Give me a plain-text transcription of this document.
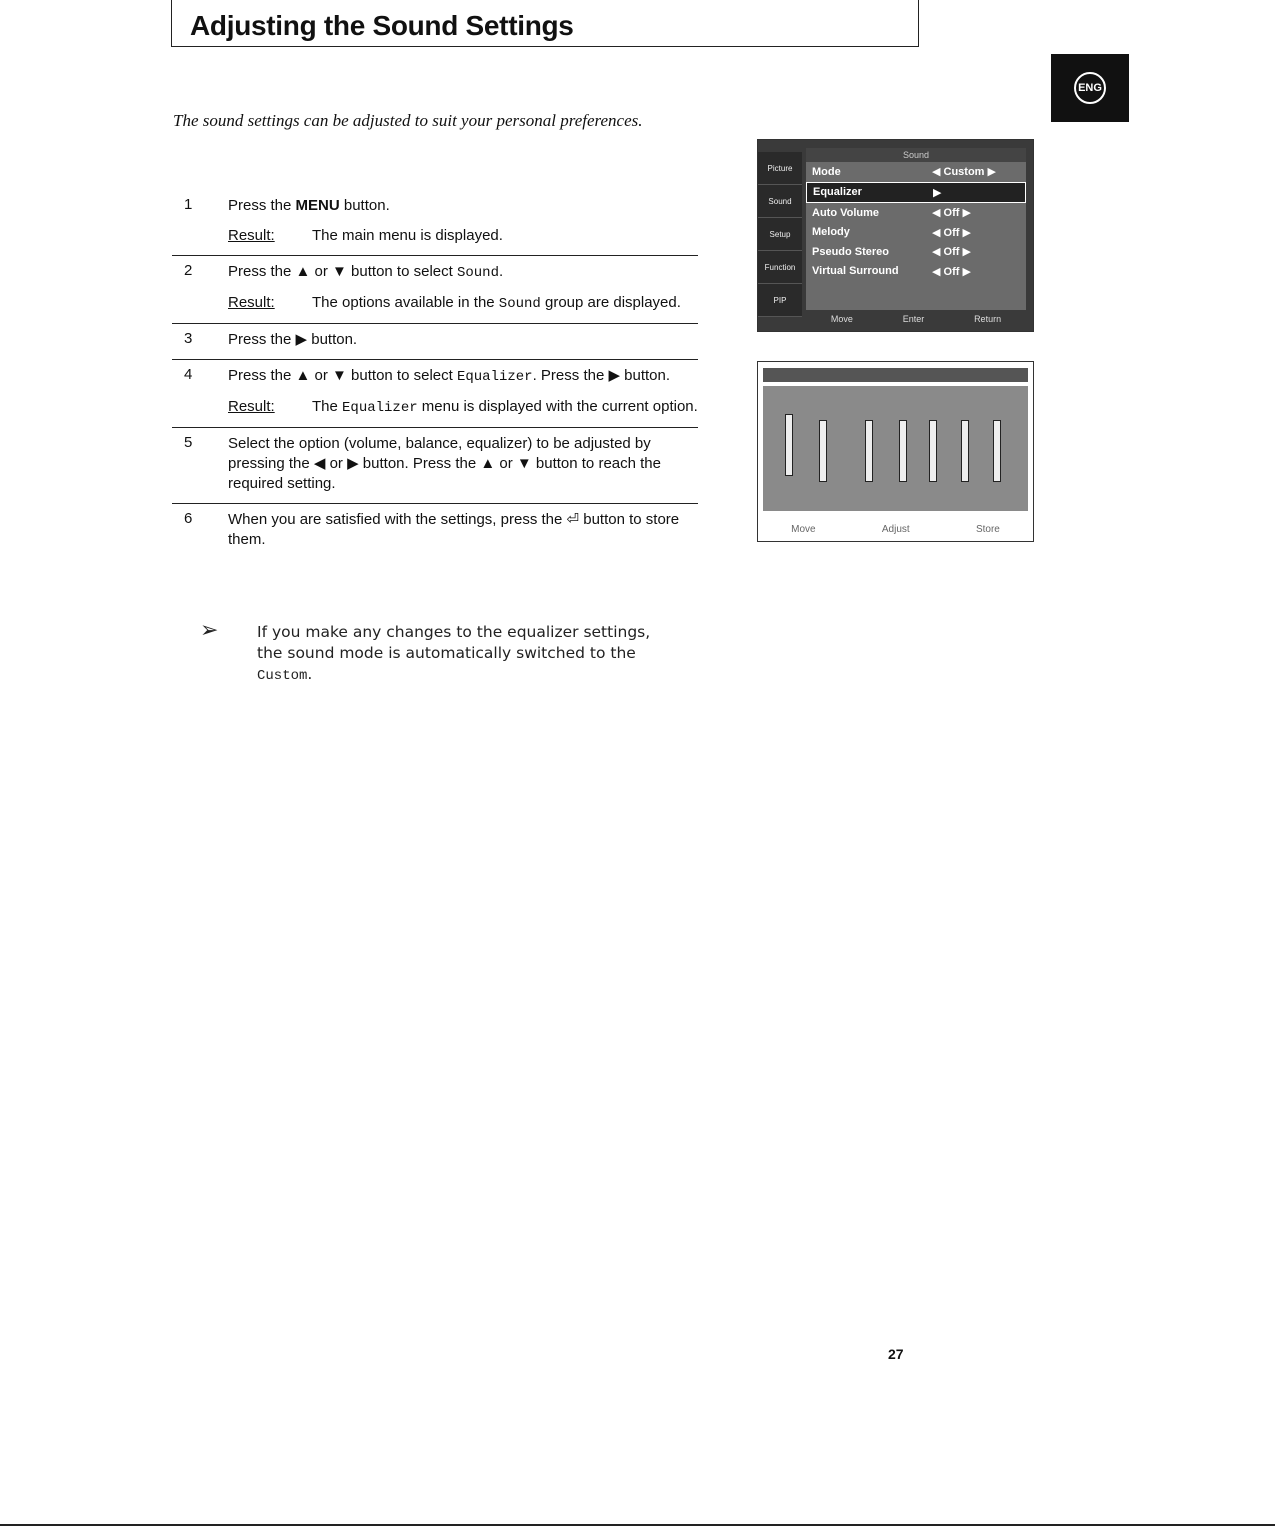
Adjusting the Sound Settings
ENG
The sound settings can be adjusted to suit your personal preferences.
1 Press the MENU button.
Result:	The main menu is displayed.
2 Press the ▲ or ▼ button to select Sound.
Result:	The options available in the Sound group are displayed.
3 Press the ▶ button.
4 Press the ▲ or ▼ button to select Equalizer. Press the ▶ button.
Result:	The Equalizer menu is displayed with the current option.
5 Select the option (volume, balance, equalizer) to be adjusted by pressing the ◀ or ▶ button. Press the ▲ or ▼ button to reach the required setting.
6 When you are satisfied with the settings, press the ⏎ button to store them.
➢ If you make any changes to the equalizer settings, the sound mode is automatically switched to the Custom.
Picture
Sound
Setup
Function
PIP
Sound
Mode	◀ Custom ▶
Equalizer	▶
Auto Volume	◀ Off ▶
Melody	◀ Off ▶
Pseudo Stereo	◀ Off ▶
Virtual Surround	◀ Off ▶
Move	Enter	Return
Move	Adjust	Store
27
